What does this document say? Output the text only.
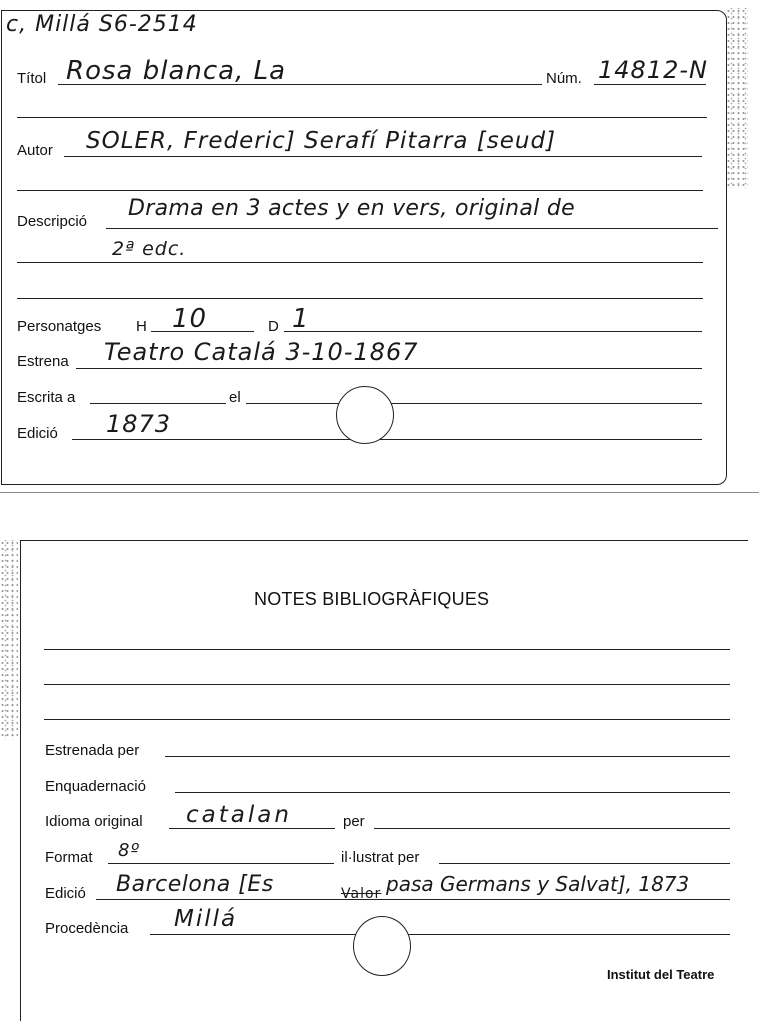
c, Millá S6-2514
Títol Rosa blanca, La	Núm. 14812-N
Autor SOLER, Frederic] Serafí Pitarra [seud]
Descripció
Drama en 3 actes y en vers, original de
2ª edc.
Personatges H 10	D 1
Estrena Teatro Catalá 3-10-1867
Escrita a	el
Edició 1873
NOTES BIBLIOGRÀFIQUES
Estrenada per
Enquadernació
Idioma original catalan	per
Format 8º	il·lustrat per
Edició Barcelona [Es	Valor pasa Germans y Salvat], 1873
Procedència Millá
Institut del Teatre
